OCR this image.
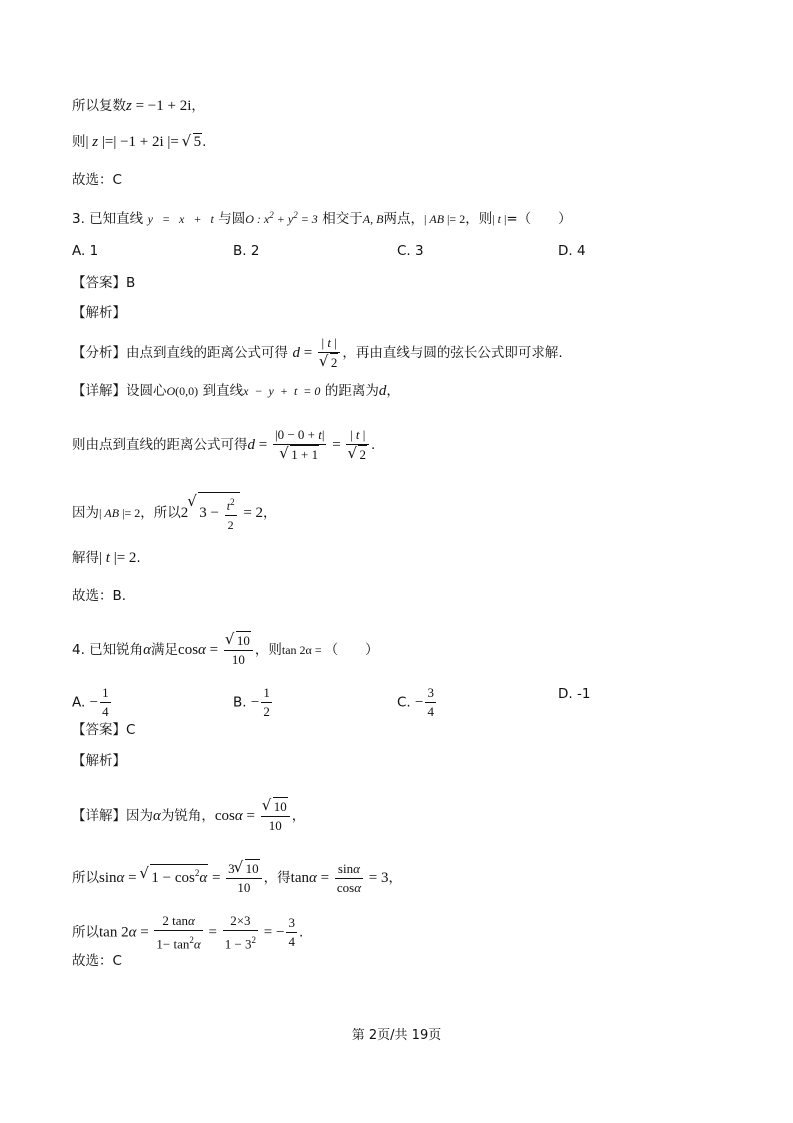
所以复数z = −1 + 2i，
则| z |=| −1 + 2i |= √ 5.
故选：C
3. 已知直线 y   =   x   +   t 与圆O : $x^2 + y^2 = 3$ 相交于A, B两点，| AB |= 2，则| t |=（　　）
A. 1	B. 2	C. 3	D. 4
【答案】B
【解析】
【分析】由点到直线的距离公式可得 d = | t |
√ 2 ，再由直线与圆的弦长公式即可求解.
【详解】设圆心O(0,0) 到直线x  −  y  +  t  = 0 的距离为d，
则由点到直线的距离公式可得d = |0 − 0 + t|
√ 1 + 1 = | t |
√ 2 .
因为| AB |= 2，所以2 √ $3 - \frac{t^2}{2} = 2$，
解得| t |= 2.
故选：B.
4. 已知锐角α满足cosα = √ $\frac{10}{10}$ ，则tan 2α = （　　）
A. − $\frac{1}{4}$	B. − $\frac{1}{2}$	C. − $\frac{3}{4}$	D. -1
【答案】C
【解析】
【详解】因为α为锐角，cosα = √ $\frac{10}{10}$ ，
所以sinα = √ $1 - \cos^2\alpha = \frac{3 √ 10}{10}$ ，得$\tan\alpha = \frac{\sin\alpha}{\cos\alpha} = 3$，
所以$\tan 2\alpha = \frac{2 \tan\alpha}{1- \tan^2\alpha} = \frac{2\times 3}{1 - 3^2}$ = − $\frac{3}{4}$ .
故选：C
第 2页/共 19页
